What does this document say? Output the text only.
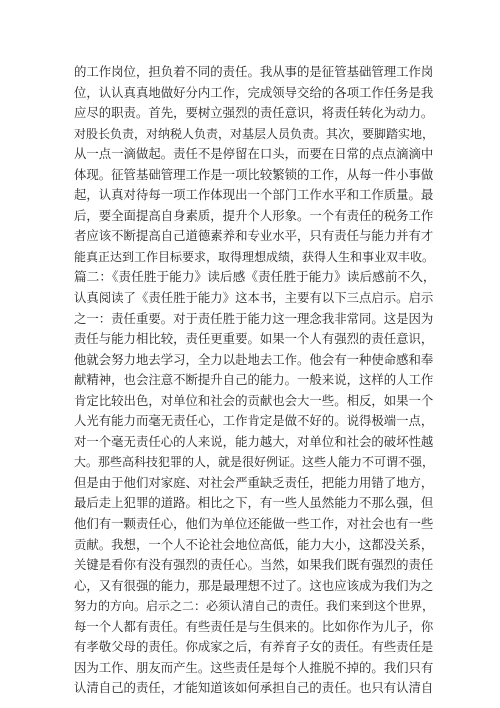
的工作岗位，担负着不同的责任。我从事的是征管基础管理工作岗
位，认认真真地做好分内工作，完成领导交给的各项工作任务是我
应尽的职责。首先，要树立强烈的责任意识，将责任转化为动力。
对股长负责，对纳税人负责，对基层人员负责。其次，要脚踏实地，
从一点一滴做起。责任不是停留在口头，而要在日常的点点滴滴中
体现。征管基础管理工作是一项比较繁锁的工作，从每一件小事做
起，认真对待每一项工作体现出一个部门工作水平和工作质量。最
后，要全面提高自身素质，提升个人形象。一个有责任的税务工作
者应该不断提高自己道德素养和专业水平，只有责任与能力并有才
能真正达到工作目标要求，取得理想成绩，获得人生和事业双丰收。
篇二：《责任胜于能力》读后感《责任胜于能力》读后感前不久，
认真阅读了《责任胜于能力》这本书，主要有以下三点启示。启示
之一：责任重要。对于责任胜于能力这一理念我非常同。这是因为
责任与能力相比较，责任更重要。如果一个人有强烈的责任意识，
他就会努力地去学习，全力以赴地去工作。他会有一种使命感和奉
献精神，也会注意不断提升自己的能力。一般来说，这样的人工作
肯定比较出色，对单位和社会的贡献也会大一些。相反，如果一个
人光有能力而毫无责任心，工作肯定是做不好的。说得极端一点，
对一个毫无责任心的人来说，能力越大，对单位和社会的破坏性越
大。那些高科技犯罪的人，就是很好例证。这些人能力不可谓不强，
但是由于他们对家庭、对社会严重缺乏责任，把能力用错了地方，
最后走上犯罪的道路。相比之下，有一些人虽然能力不那么强，但
他们有一颗责任心，他们为单位还能做一些工作，对社会也有一些
贡献。我想，一个人不论社会地位高低，能力大小，这都没关系，
关键是看你有没有强烈的责任心。当然，如果我们既有强烈的责任
心，又有很强的能力，那是最理想不过了。这也应该成为我们为之
努力的方向。启示之二：必须认清自己的责任。我们来到这个世界，
每一个人都有责任。有些责任是与生俱来的。比如你作为儿子，你
有孝敬父母的责任。你成家之后，有养育子女的责任。有些责任是
因为工作、朋友而产生。这些责任是每个人推脱不掉的。我们只有
认清自己的责任，才能知道该如何承担自己的责任。也只有认清自
